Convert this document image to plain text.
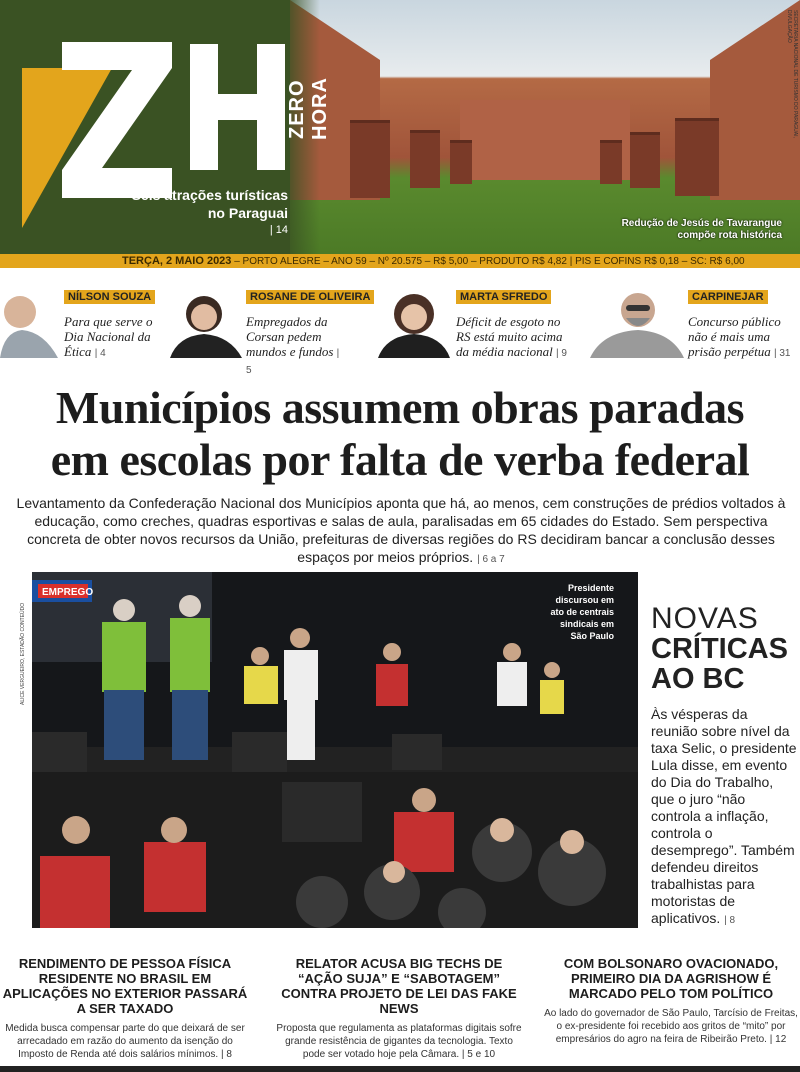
ZERO HORA
Seis atrações turísticas no Paraguai
| 14
Redução de Jesús de Tavarangue compõe rota histórica
SECRETARIA NACIONAL DE TURISMO DO PARAGUAI, DIVULGAÇÃO
TERÇA, 2 MAIO 2023 – PORTO ALEGRE – ANO 59 – Nº 20.575 – R$ 5,00 – PRODUTO R$ 4,82 | PIS E COFINS R$ 0,18 – SC: R$ 6,00
NÍLSON SOUZA
Para que serve o Dia Nacional da Ética | 4
ROSANE DE OLIVEIRA
Empregados da Corsan pedem mundos e fundos | 5
MARTA SFREDO
Déficit de esgoto no RS está muito acima da média nacional | 9
CARPINEJAR
Concurso público não é mais uma prisão perpétua | 31
Municípios assumem obras paradas
em escolas por falta de verba federal
Levantamento da Confederação Nacional dos Municípios aponta que há, ao menos, cem construções de prédios voltados à educação, como creches, quadras esportivas e salas de aula, paralisadas em 65 cidades do Estado. Sem perspectiva concreta de obter novos recursos da União, prefeituras de diversas regiões do RS decidiram bancar a conclusão desses espaços por meios próprios. | 6 a 7
EMPREGO	Presidente discursou em ato de centrais sindicais em São Paulo
ALICE VERGUEIRO, ESTADÃO CONTEÚDO	NOVAS
CRÍTICAS
AO BC
Às vésperas da reunião sobre nível da taxa Selic, o presidente Lula disse, em evento do Dia do Trabalho, que o juro “não controla a inflação, controla o desemprego”. Também defendeu direitos trabalhistas para motoristas de aplicativos. | 8
RENDIMENTO DE PESSOA FÍSICA RESIDENTE NO BRASIL EM APLICAÇÕES NO EXTERIOR PASSARÁ A SER TAXADO
Medida busca compensar parte do que deixará de ser arrecadado em razão do aumento da isenção do Imposto de Renda até dois salários mínimos. | 8
RELATOR ACUSA BIG TECHS DE “AÇÃO SUJA” E “SABOTAGEM” CONTRA PROJETO DE LEI DAS FAKE NEWS
Proposta que regulamenta as plataformas digitais sofre grande resistência de gigantes da tecnologia. Texto pode ser votado hoje pela Câmara. | 5 e 10
COM BOLSONARO OVACIONADO, PRIMEIRO DIA DA AGRISHOW É MARCADO PELO TOM POLÍTICO
Ao lado do governador de São Paulo, Tarcísio de Freitas, o ex-presidente foi recebido aos gritos de “mito” por empresários do agro na feira de Ribeirão Preto. | 12
